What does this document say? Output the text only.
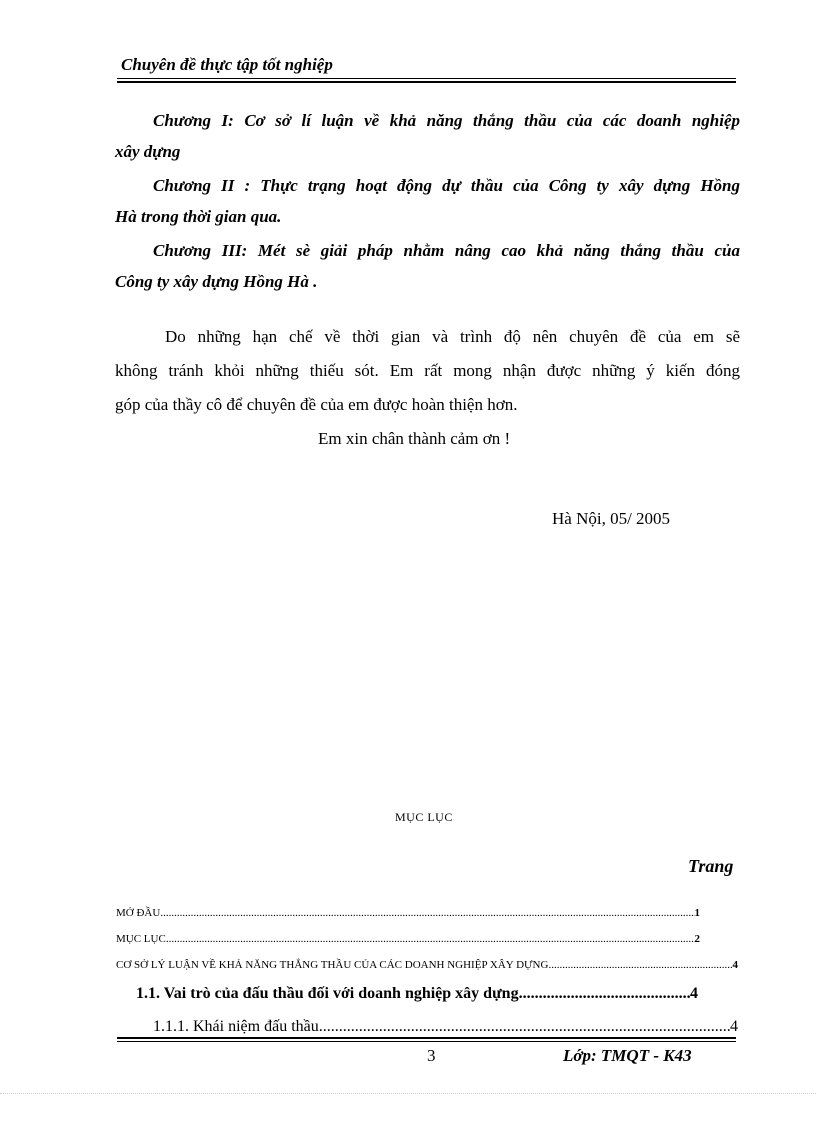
Chuyên đề thực tập tốt nghiệp
Chương I: Cơ sở lí luận về khả năng thắng thầu của các doanh nghiệp
xây dựng
Chương II : Thực trạng hoạt động dự thầu của Công ty xây dựng Hồng
Hà trong thời gian qua.
Chương III: Mét sè giải pháp nhằm nâng cao khả năng thắng thầu của
Công ty xây dựng Hồng Hà .
Do những hạn chế về thời gian và trình độ nên chuyên đề của em sẽ
không tránh khỏi những thiếu sót. Em rất mong nhận được những ý kiến đóng
góp của thầy cô để chuyên đề của em được hoàn thiện hơn.
Em xin chân thành cảm ơn !
Hà Nội, 05/ 2005
MỤC LỤC
Trang
MỞ ĐẦU .....	1
MỤC LỤC .....	2
CƠ SỞ LÝ LUẬN VỀ KHẢ NĂNG THẮNG THẦU CỦA CÁC DOANH NGHIỆP XÂY DỰNG .....	4
1.1. Vai trò của đấu thầu đối với doanh nghiệp xây dựng .....	4
1.1.1. Khái niệm đấu thầu. .....	4
3	Lớp: TMQT - K43
